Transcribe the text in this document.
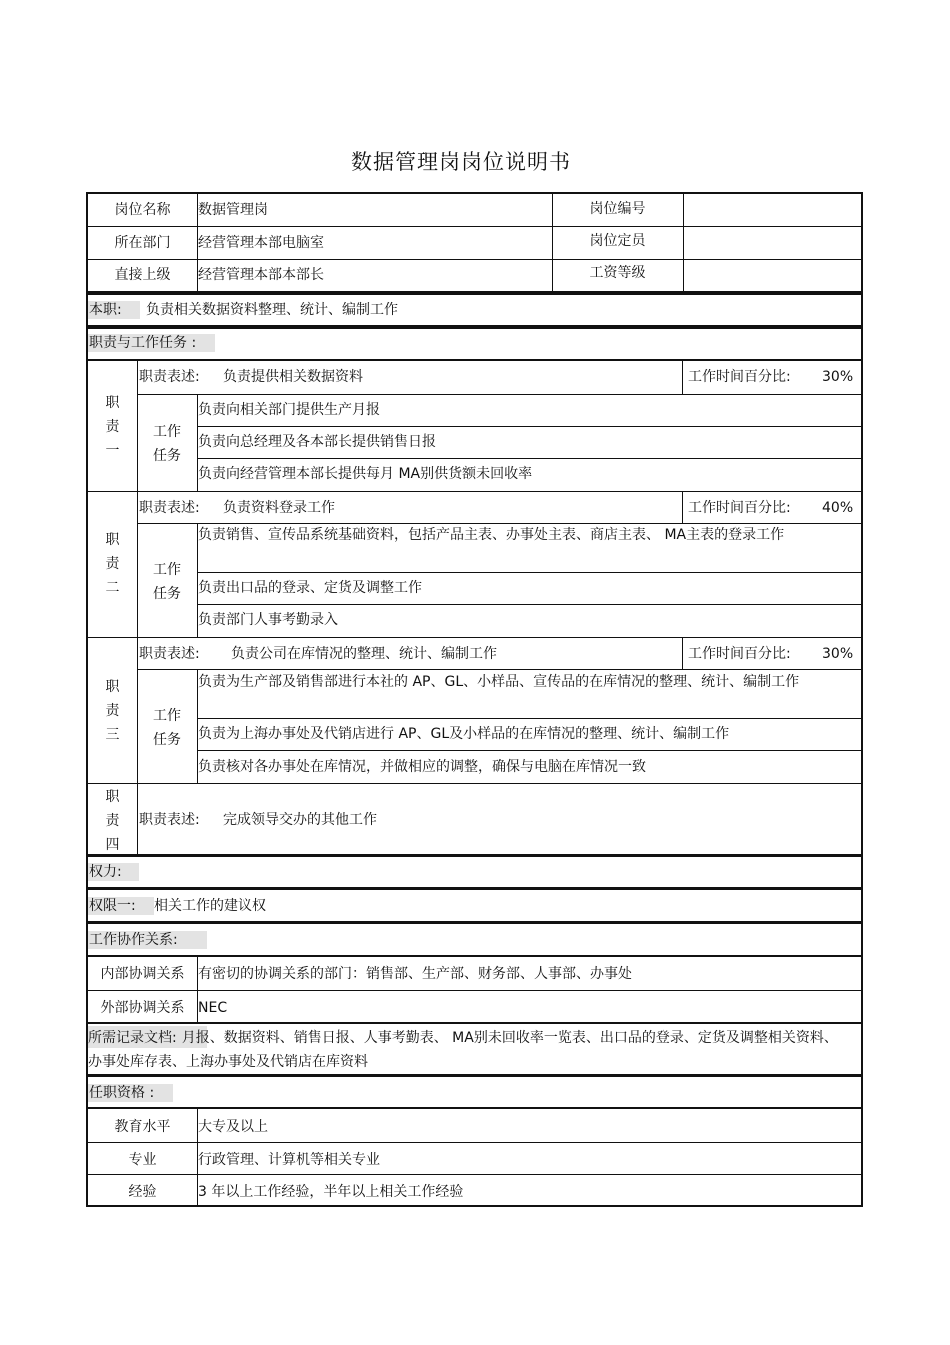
数据管理岗岗位说明书
岗位名称	数据管理岗	岗位编号
所在部门	经营管理本部电脑室	岗位定员
直接上级	经营管理本部本部长	工资等级
本职:	负责相关数据资料整理、统计、编制工作
职责与工作任务 :
职
责
一
职责表述: 负责提供相关数据资料	工作时间百分比: 30%
工作
任务
负责向相关部门提供生产月报
负责向总经理及各本部长提供销售日报
负责向经营管理本部长提供每月 MA别供货额未回收率
职
责
二
职责表述: 负责资料登录工作	工作时间百分比: 40%
工作
任务
负责销售、宣传品系统基础资料，包括产品主表、办事处主表、商店主表、 MA主表的登录工作
负责出口品的登录、定货及调整工作
负责部门人事考勤录入
职
责
三
职责表述: 负责公司在库情况的整理、统计、编制工作	工作时间百分比: 30%
工作
任务
负责为生产部及销售部进行本社的 AP、GL、小样品、宣传品的在库情况的整理、统计、编制工作
负责为上海办事处及代销店进行 AP、GL及小样品的在库情况的整理、统计、编制工作
负责核对各办事处在库情况，并做相应的调整，确保与电脑在库情况一致
职
责
四
职责表述: 完成领导交办的其他工作
权力:
权限一:	相关工作的建议权
工作协作关系:
内部协调关系 有密切的协调关系的部门：销售部、生产部、财务部、人事部、办事处
外部协调关系 NEC
所需记录文档: 月报、数据资料、销售日报、人事考勤表、 MA别未回收率一览表、出口品的登录、定货及调整相关资料、办事处库存表、上海办事处及代销店在库资料
任职资格 :
教育水平	大专及以上
专业	行政管理、计算机等相关专业
经验	3 年以上工作经验，半年以上相关工作经验
